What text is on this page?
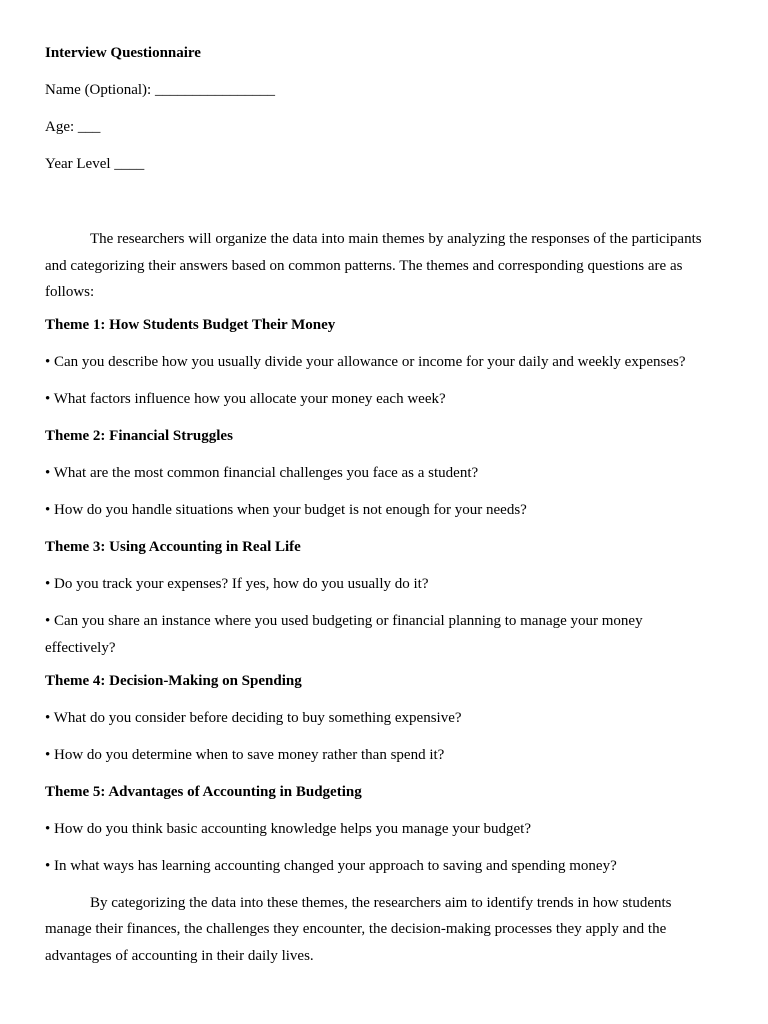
Interview Questionnaire

Name (Optional): ________________

Age: ___

Year Level ____

The researchers will organize the data into main themes by analyzing the responses of the participants and categorizing their answers based on common patterns. The themes and corresponding questions are as follows:

Theme 1: How Students Budget Their Money

• Can you describe how you usually divide your allowance or income for your daily and weekly expenses?

• What factors influence how you allocate your money each week?

Theme 2: Financial Struggles

• What are the most common financial challenges you face as a student?

• How do you handle situations when your budget is not enough for your needs?

Theme 3: Using Accounting in Real Life

• Do you track your expenses? If yes, how do you usually do it?

• Can you share an instance where you used budgeting or financial planning to manage your money effectively?

Theme 4: Decision-Making on Spending

• What do you consider before deciding to buy something expensive?

• How do you determine when to save money rather than spend it?

Theme 5: Advantages of Accounting in Budgeting

• How do you think basic accounting knowledge helps you manage your budget?

• In what ways has learning accounting changed your approach to saving and spending money?

By categorizing the data into these themes, the researchers aim to identify trends in how students manage their finances, the challenges they encounter, the decision-making processes they apply and the advantages of accounting in their daily lives.
